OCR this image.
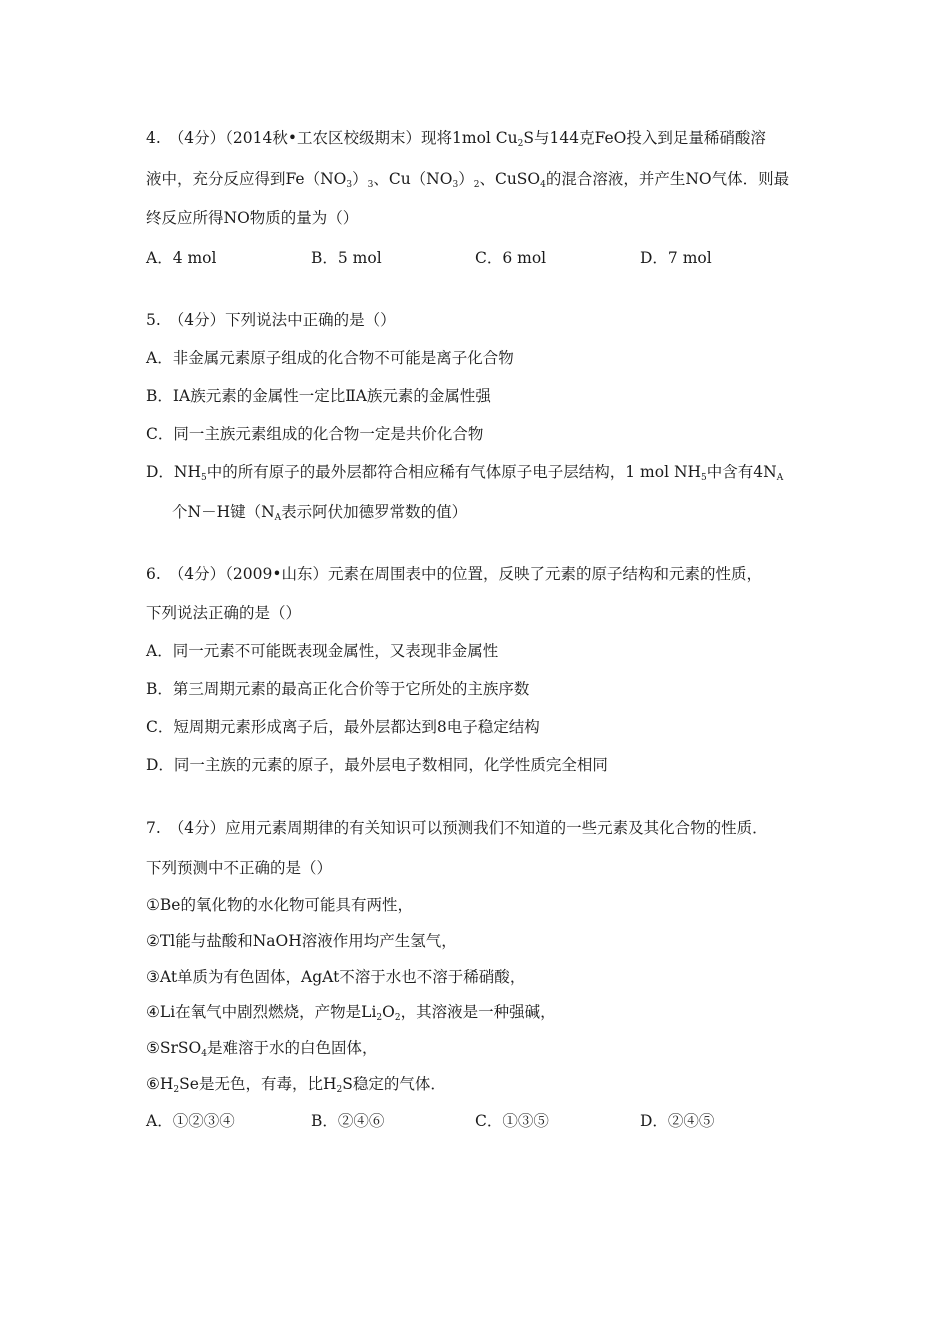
4. （4分）（2014秋•工农区校级期末）现将1mol $Cu_2S$与144克FeO投入到足量稀硝酸溶
液中，充分反应得到$Fe(NO_3)_3$、$Cu(NO_3)_2$、CuSO$_4$的混合溶液，并产生NO气体．则最
终反应所得NO物质的量为（）
A．4 mol	B．5 mol	C．6 mol	D．7 mol
5. （4分）下列说法中正确的是（）
A．非金属元素原子组成的化合物不可能是离子化合物
B．ⅠA族元素的金属性一定比ⅡA族元素的金属性强
C．同一主族元素组成的化合物一定是共价化合物
D．$NH_5$中的所有原子的最外层都符合相应稀有气体原子电子层结构，1 mol $NH_5$中含有$4N_A$
个N－H键（$N_A$表示阿伏加德罗常数的值）
6. （4分）（2009•山东）元素在周围表中的位置，反映了元素的原子结构和元素的性质，
下列说法正确的是（）
A．同一元素不可能既表现金属性，又表现非金属性
B．第三周期元素的最高正化合价等于它所处的主族序数
C．短周期元素形成离子后，最外层都达到8电子稳定结构
D．同一主族的元素的原子，最外层电子数相同，化学性质完全相同
7. （4分）应用元素周期律的有关知识可以预测我们不知道的一些元素及其化合物的性质．
下列预测中不正确的是（）
①Be的氧化物的水化物可能具有两性，
②Tl能与盐酸和NaOH溶液作用均产生氢气，
③At单质为有色固体，AgAt不溶于水也不溶于稀硝酸，
④Li在氧气中剧烈燃烧，产物是$Li_2O_2$，其溶液是一种强碱，
⑤SrSO$_4$是难溶于水的白色固体，
$⑥H_2Se$是无色，有毒，比$H_2S$稳定的气体．
A．①②③④	B．②④⑥	C．①③⑤	D．②④⑤
